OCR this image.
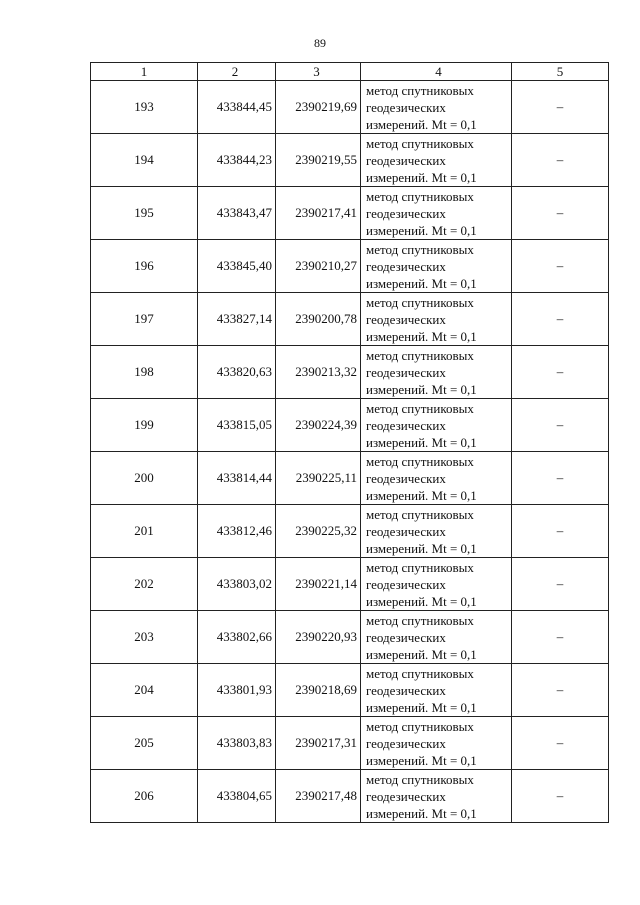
89
1	2	3	4	5
193	433844,45	2390219,69	метод спутниковых
геодезических
измерений. Mt = 0,1	–
194	433844,23	2390219,55	метод спутниковых
геодезических
измерений. Mt = 0,1	–
195	433843,47	2390217,41	метод спутниковых
геодезических
измерений. Mt = 0,1	–
196	433845,40	2390210,27	метод спутниковых
геодезических
измерений. Mt = 0,1	–
197	433827,14	2390200,78	метод спутниковых
геодезических
измерений. Mt = 0,1	–
198	433820,63	2390213,32	метод спутниковых
геодезических
измерений. Mt = 0,1	–
199	433815,05	2390224,39	метод спутниковых
геодезических
измерений. Mt = 0,1	–
200	433814,44	2390225,11	метод спутниковых
геодезических
измерений. Mt = 0,1	–
201	433812,46	2390225,32	метод спутниковых
геодезических
измерений. Mt = 0,1	–
202	433803,02	2390221,14	метод спутниковых
геодезических
измерений. Mt = 0,1	–
203	433802,66	2390220,93	метод спутниковых
геодезических
измерений. Mt = 0,1	–
204	433801,93	2390218,69	метод спутниковых
геодезических
измерений. Mt = 0,1	–
205	433803,83	2390217,31	метод спутниковых
геодезических
измерений. Mt = 0,1	–
206	433804,65	2390217,48	метод спутниковых
геодезических
измерений. Mt = 0,1	–
